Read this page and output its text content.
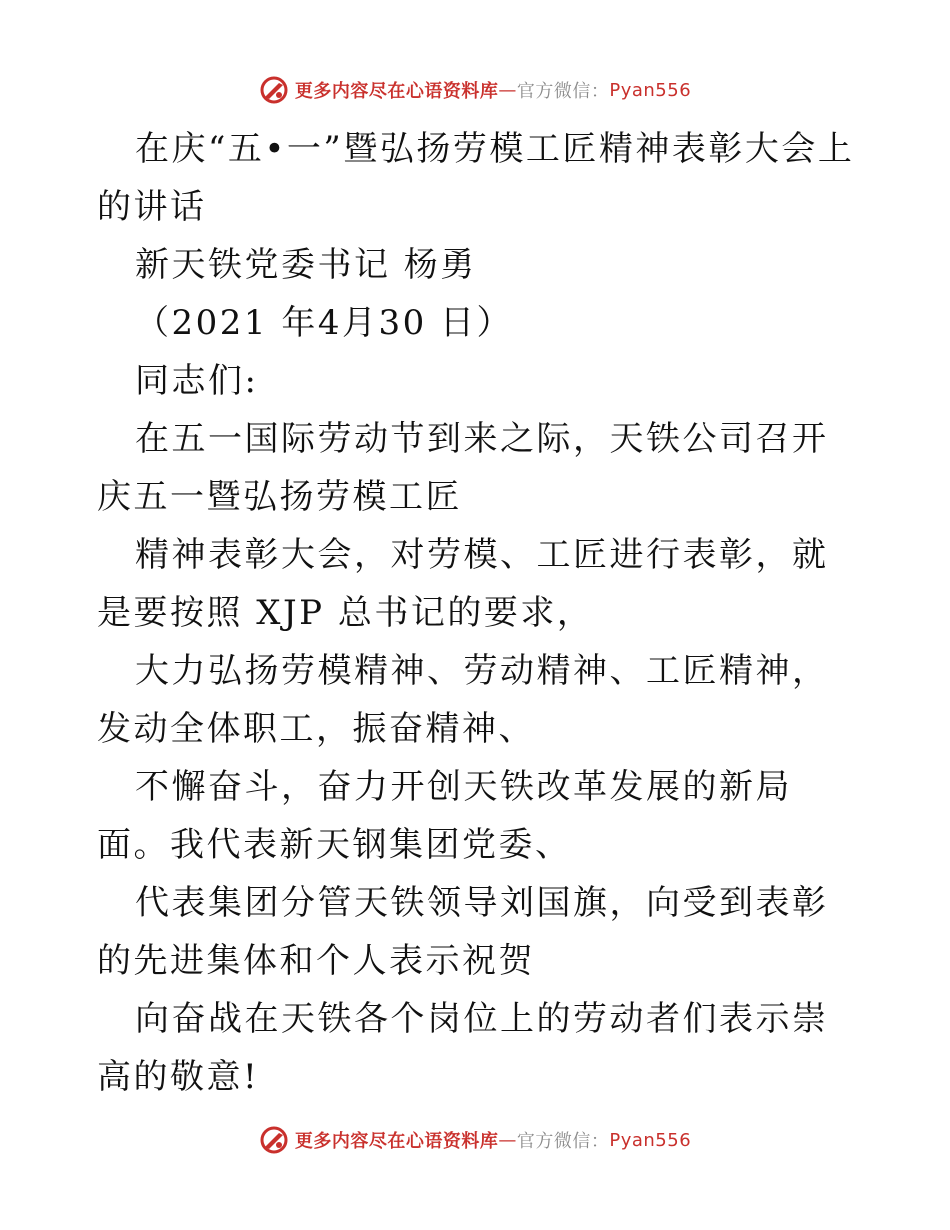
更多内容尽在心语资料库 — 官方微信： Pyan556

在庆“五•一”暨弘扬劳模工匠精神表彰大会上

的讲话

新天铁党委书记 杨勇

（2021 年4月30 日）

同志们:

在五一国际劳动节到来之际，天铁公司召开庆五一暨弘扬劳模工匠

精神表彰大会，对劳模、工匠进行表彰，就是要按照 XJP 总书记的要求，

大力弘扬劳模精神、劳动精神、工匠精神，发动全体职工，振奋精神、

不懈奋斗，奋力开创天铁改革发展的新局面。我代表新天钢集团党委、

代表集团分管天铁领导刘国旗，向受到表彰的先进集体和个人表示祝贺

向奋战在天铁各个岗位上的劳动者们表示崇高的敬意!

更多内容尽在心语资料库 — 官方微信： Pyan556
